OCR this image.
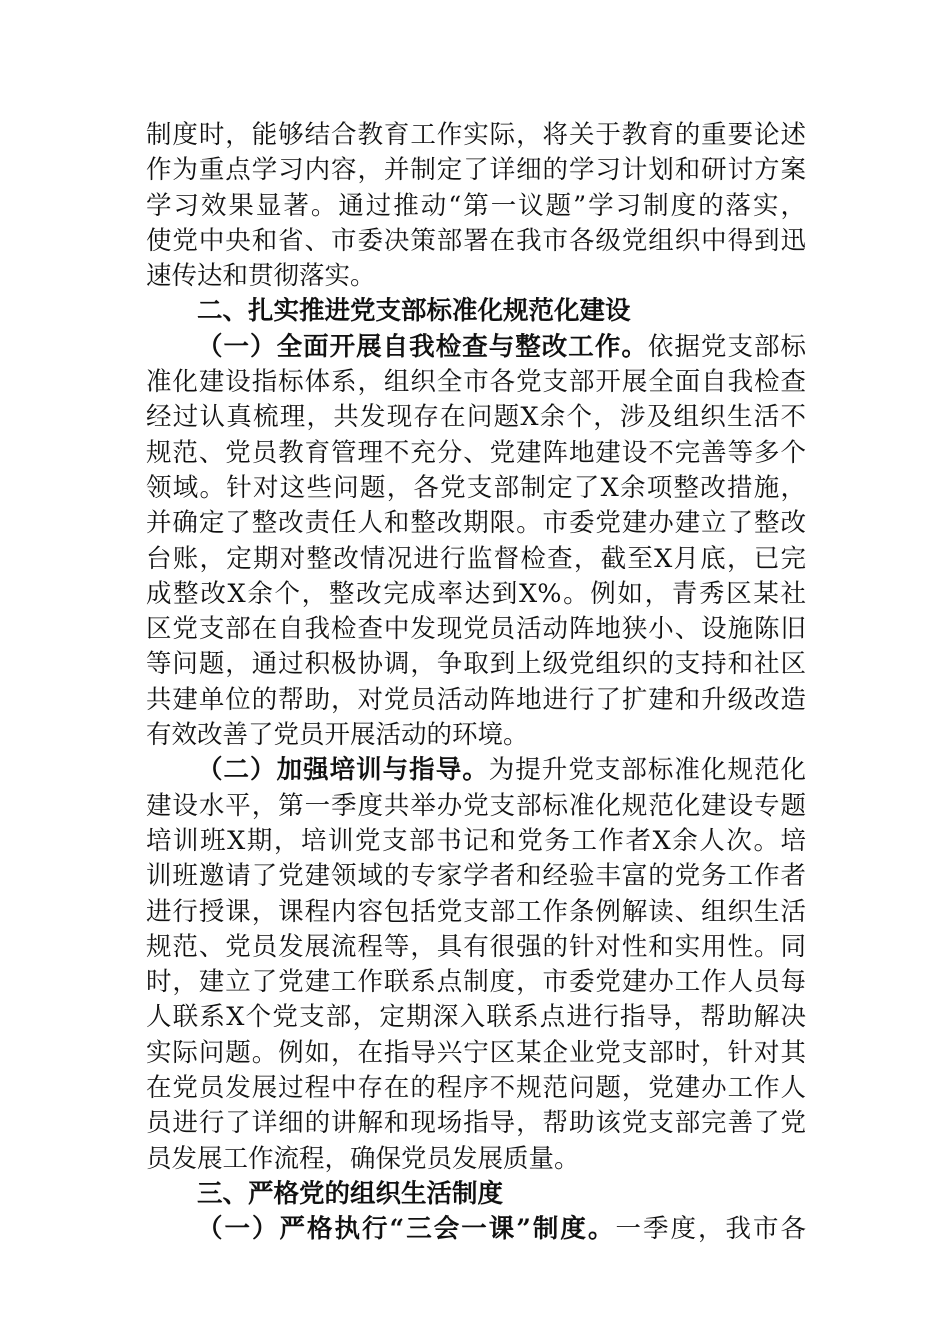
制度时，能够结合教育工作实际，将关于教育的重要论述
作为重点学习内容，并制定了详细的学习计划和研讨方案
学习效果显著。通过推动“第一议题”学习制度的落实，
使党中央和省、市委决策部署在我市各级党组织中得到迅
速传达和贯彻落实。
二、扎实推进党支部标准化规范化建设
（一）全面开展自我检查与整改工作。依据党支部标
准化建设指标体系，组织全市各党支部开展全面自我检查
经过认真梳理，共发现存在问题X余个，涉及组织生活不
规范、党员教育管理不充分、党建阵地建设不完善等多个
领域。针对这些问题，各党支部制定了X余项整改措施，
并确定了整改责任人和整改期限。市委党建办建立了整改
台账，定期对整改情况进行监督检查，截至X月底，已完
成整改X余个，整改完成率达到X%。例如，青秀区某社
区党支部在自我检查中发现党员活动阵地狭小、设施陈旧
等问题，通过积极协调，争取到上级党组织的支持和社区
共建单位的帮助，对党员活动阵地进行了扩建和升级改造
有效改善了党员开展活动的环境。
（二）加强培训与指导。为提升党支部标准化规范化
建设水平，第一季度共举办党支部标准化规范化建设专题
培训班X期，培训党支部书记和党务工作者X余人次。培
训班邀请了党建领域的专家学者和经验丰富的党务工作者
进行授课，课程内容包括党支部工作条例解读、组织生活
规范、党员发展流程等，具有很强的针对性和实用性。同
时，建立了党建工作联系点制度，市委党建办工作人员每
人联系X个党支部，定期深入联系点进行指导，帮助解决
实际问题。例如，在指导兴宁区某企业党支部时，针对其
在党员发展过程中存在的程序不规范问题，党建办工作人
员进行了详细的讲解和现场指导，帮助该党支部完善了党
员发展工作流程，确保党员发展质量。
三、严格党的组织生活制度
（一）严格执行“三会一课”制度。一季度，我市各
